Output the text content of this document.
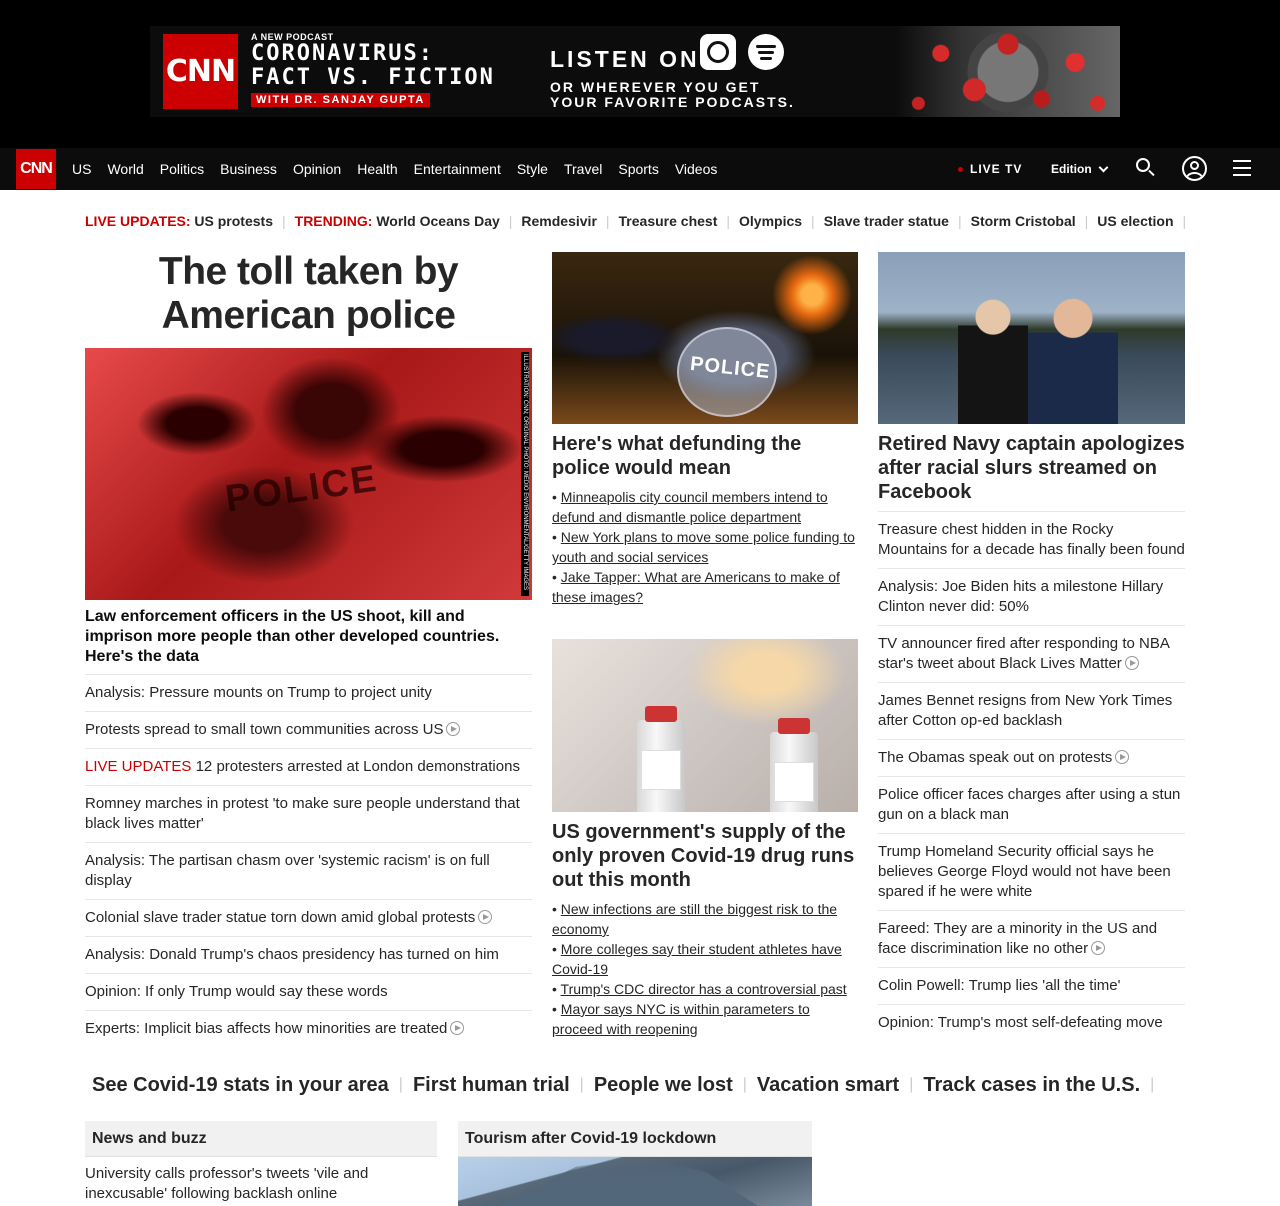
CNN
A NEW PODCAST
CORONAVIRUS:
FACT VS. FICTION
WITH DR. SANJAY GUPTA
LISTEN ON
OR WHEREVER YOU GET
YOUR FAVORITE PODCASTS.
CNN US World Politics Business Opinion Health Entertainment Style Travel Sports Videos	LIVE TV Edition
LIVE UPDATES:
US protests | TRENDING:
World Oceans Day | Remdesivir | Treasure chest | Olympics | Slave trader statue | Storm Cristobal | US election |
The toll taken by American police
POLICE	ILLUSTRATION: CNN; ORIGINAL PHOTO: MEDIO ENVIRONMENTAL/GETTY IMAGES
Law enforcement officers in the US shoot, kill and imprison more people than other developed countries. Here's the data
Analysis: Pressure mounts on Trump to project unity
Protests spread to small town communities across US
LIVE UPDATES 12 protesters arrested at London demonstrations
Romney marches in protest 'to make sure people understand that black lives matter'
Analysis: The partisan chasm over 'systemic racism' is on full display
Colonial slave trader statue torn down amid global protests
Analysis: Donald Trump's chaos presidency has turned on him
Opinion: If only Trump would say these words
Experts: Implicit bias affects how minorities are treated
POLICE
Here's what defunding the police would mean
• Minneapolis city council members intend to defund and dismantle police department
• New York plans to move some police funding to youth and social services
• Jake Tapper: What are Americans to make of these images?
US government's supply of the only proven Covid-19 drug runs out this month
• New infections are still the biggest risk to the economy
• More colleges say their student athletes have Covid-19
• Trump's CDC director has a controversial past
• Mayor says NYC is within parameters to proceed with reopening
Retired Navy captain apologizes after racial slurs streamed on Facebook
Treasure chest hidden in the Rocky Mountains for a decade has finally been found
Analysis: Joe Biden hits a milestone Hillary Clinton never did: 50%
TV announcer fired after responding to NBA star's tweet about Black Lives Matter
James Bennet resigns from New York Times after Cotton op-ed backlash
The Obamas speak out on protests
Police officer faces charges after using a stun gun on a black man
Trump Homeland Security official says he believes George Floyd would not have been spared if he were white
Fareed: They are a minority in the US and face discrimination like no other
Colin Powell: Trump lies 'all the time'
Opinion: Trump's most self-defeating move
See Covid-19 stats in your area | First human trial | People we lost | Vacation smart | Track cases in the U.S. |
News and buzz
University calls professor's tweets 'vile and inexcusable' following backlash online
Tourism after Covid-19 lockdown
